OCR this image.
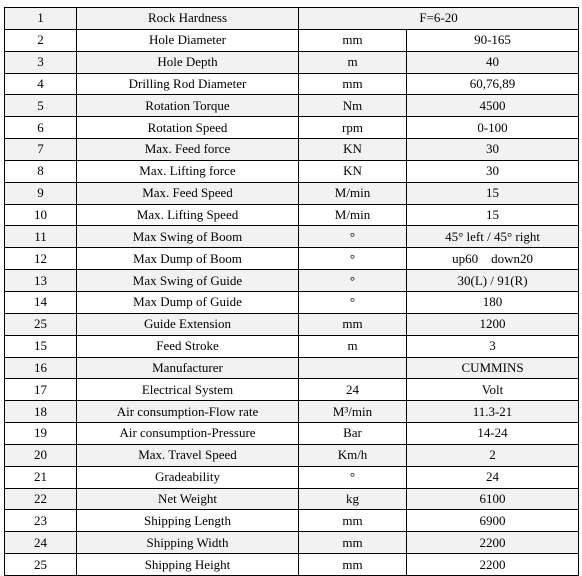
1	Rock Hardness	F=6-20	
2	Hole Diameter	mm	90-165
3	Hole Depth	m	40
4	Drilling Rod Diameter	mm	60,76,89
5	Rotation Torque	Nm	4500
6	Rotation Speed	rpm	0-100
7	Max. Feed force	KN	30
8	Max. Lifting force	KN	30
9	Max. Feed Speed	M/min	15
10	Max. Lifting Speed	M/min	15
11	Max Swing of Boom	°	45° left / 45° right
12	Max Dump of Boom	°	up60    down20
13	Max Swing of Guide	°	30(L) / 91(R)
14	Max Dump of Guide	°	180
25	Guide Extension	mm	1200
15	Feed Stroke	m	3
16	Manufacturer		CUMMINS
17	Electrical System	24	Volt
18	Air consumption-Flow rate	M³/min	11.3-21
19	Air consumption-Pressure	Bar	14-24
20	Max. Travel Speed	Km/h	2
21	Gradeability	°	24
22	Net Weight	kg	6100
23	Shipping Length	mm	6900
24	Shipping Width	mm	2200
25	Shipping Height	mm	2200
